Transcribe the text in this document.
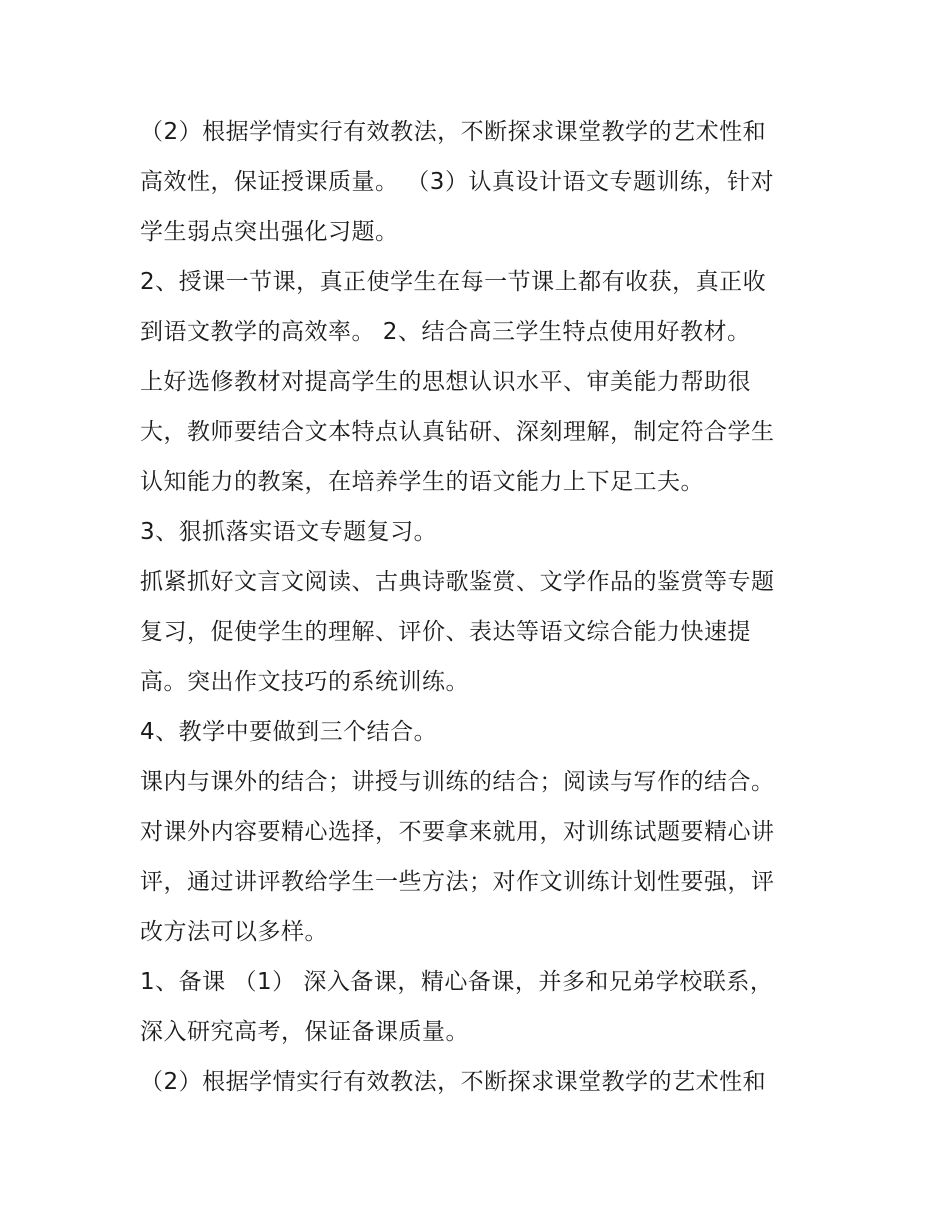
（2）根据学情实行有效教法，不断探求课堂教学的艺术性和
高效性，保证授课质量。 （3）认真设计语文专题训练，针对
学生弱点突出强化习题。
2、授课一节课，真正使学生在每一节课上都有收获，真正收
到语文教学的高效率。 2、结合高三学生特点使用好教材。
上好选修教材对提高学生的思想认识水平、审美能力帮助很
大，教师要结合文本特点认真钻研、深刻理解，制定符合学生
认知能力的教案，在培养学生的语文能力上下足工夫。
3、狠抓落实语文专题复习。
抓紧抓好文言文阅读、古典诗歌鉴赏、文学作品的鉴赏等专题
复习，促使学生的理解、评价、表达等语文综合能力快速提
高。突出作文技巧的系统训练。
4、教学中要做到三个结合。
课内与课外的结合；讲授与训练的结合；阅读与写作的结合。
对课外内容要精心选择，不要拿来就用，对训练试题要精心讲
评，通过讲评教给学生一些方法；对作文训练计划性要强，评
改方法可以多样。
1、备课 （1） 深入备课，精心备课，并多和兄弟学校联系，
深入研究高考，保证备课质量。
（2）根据学情实行有效教法，不断探求课堂教学的艺术性和
